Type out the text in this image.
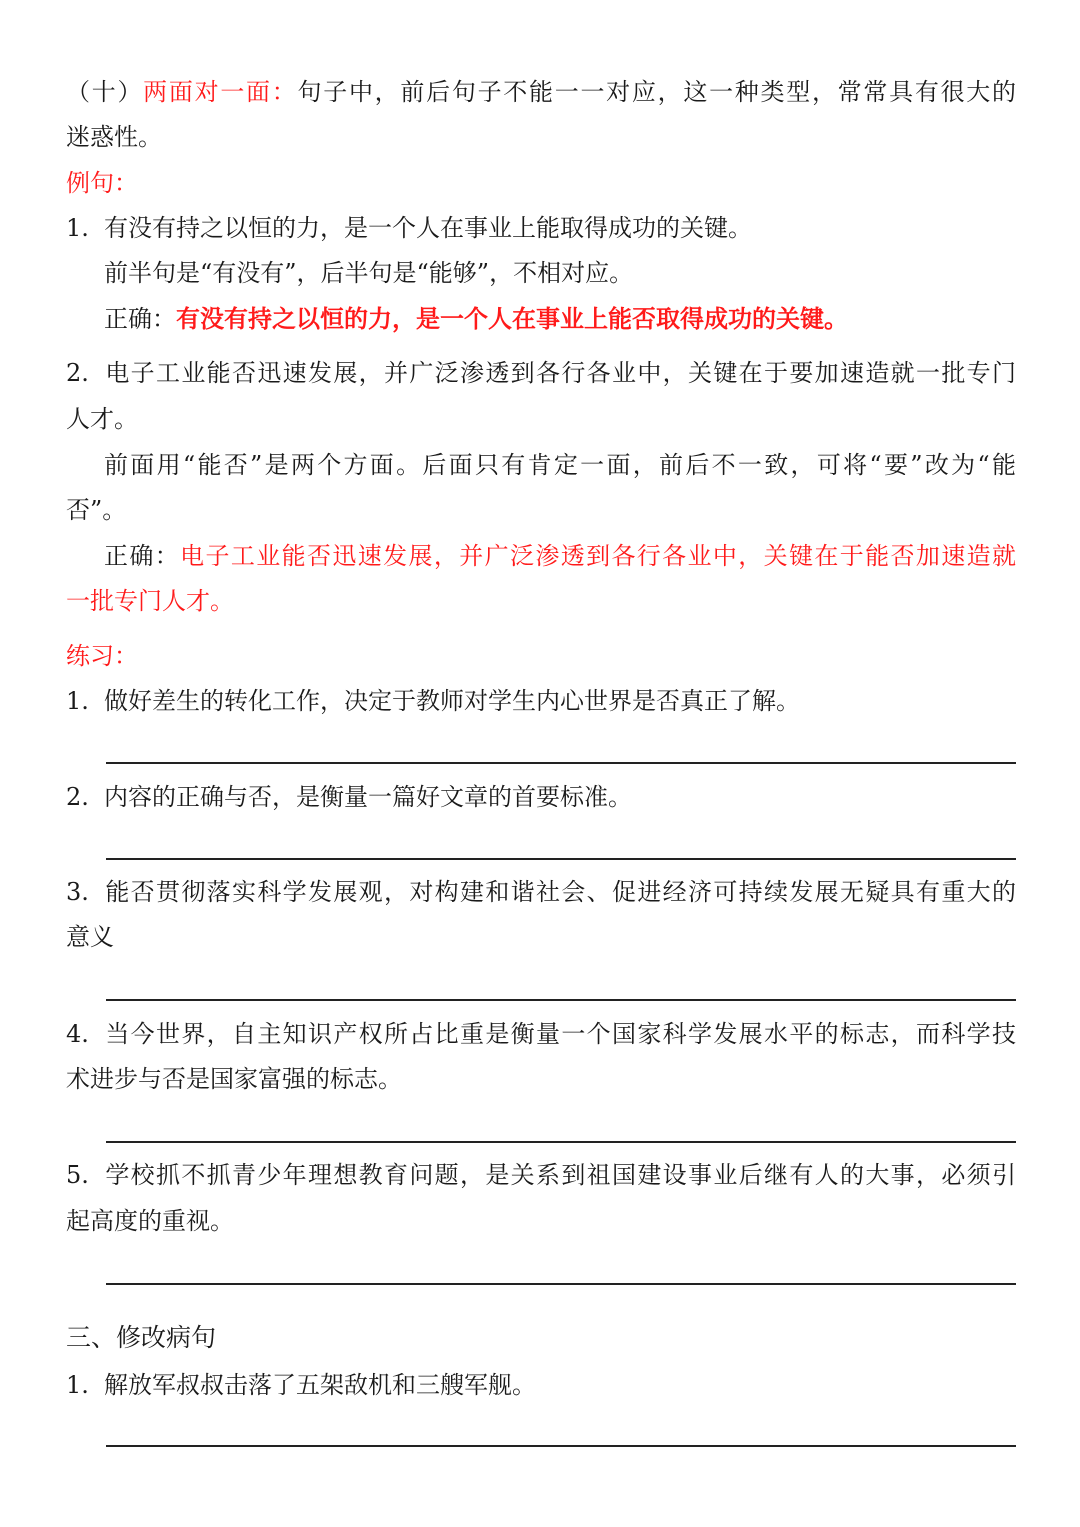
（十）两面对一面：句子中，前后句子不能一一对应，这一种类型，常常具有很大的
迷惑性。
例句：
1. 有没有持之以恒的力，是一个人在事业上能取得成功的关键。
前半句是“有没有”，后半句是“能够”，不相对应。
正确：有没有持之以恒的力，是一个人在事业上能否取得成功的关键。
2. 电子工业能否迅速发展，并广泛渗透到各行各业中，关键在于要加速造就一批专门
人才。
前面用“能否”是两个方面。后面只有肯定一面，前后不一致，可将“要”改为“能
否”。
正确：电子工业能否迅速发展，并广泛渗透到各行各业中，关键在于能否加速造就
一批专门人才。
练习：
1. 做好差生的转化工作，决定于教师对学生内心世界是否真正了解。
2. 内容的正确与否，是衡量一篇好文章的首要标准。
3. 能否贯彻落实科学发展观，对构建和谐社会、促进经济可持续发展无疑具有重大的
意义
4. 当今世界，自主知识产权所占比重是衡量一个国家科学发展水平的标志，而科学技
术进步与否是国家富强的标志。
5. 学校抓不抓青少年理想教育问题，是关系到祖国建设事业后继有人的大事，必须引
起高度的重视。
三、修改病句
1. 解放军叔叔击落了五架敌机和三艘军舰。
